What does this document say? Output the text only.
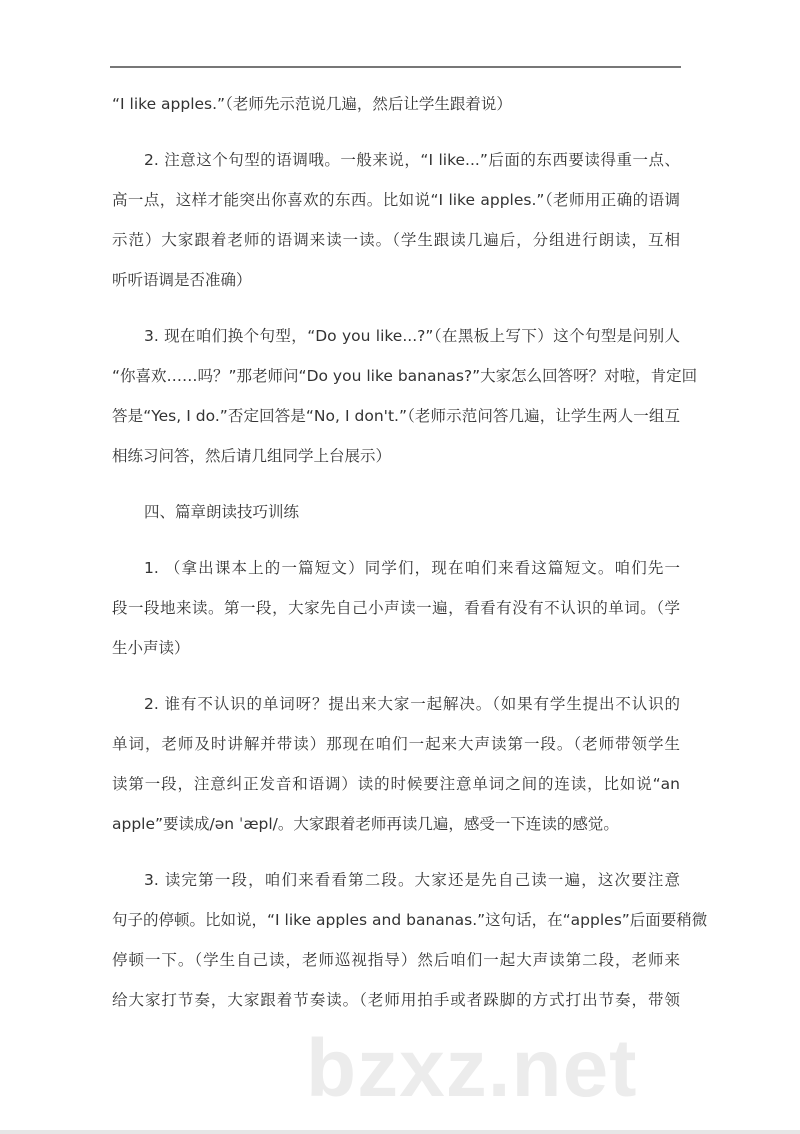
“I like apples.”（老师先示范说几遍，然后让学生跟着说）
2. 注意这个句型的语调哦。一般来说，“I like...”后面的东西要读得重一点、
高一点，这样才能突出你喜欢的东西。比如说“I like apples.”（老师用正确的语调
示范）大家跟着老师的语调来读一读。（学生跟读几遍后，分组进行朗读，互相
听听语调是否准确）
3. 现在咱们换个句型，“Do you like...?”（在黑板上写下）这个句型是问别人
“你喜欢……吗？”那老师问“Do you like bananas?”大家怎么回答呀？对啦，肯定回
答是“Yes, I do.”否定回答是“No, I don't.”（老师示范问答几遍，让学生两人一组互
相练习问答，然后请几组同学上台展示）
四、篇章朗读技巧训练
1. （拿出课本上的一篇短文）同学们，现在咱们来看这篇短文。咱们先一
段一段地来读。第一段，大家先自己小声读一遍，看看有没有不认识的单词。（学
生小声读）
2. 谁有不认识的单词呀？提出来大家一起解决。（如果有学生提出不认识的
单词，老师及时讲解并带读）那现在咱们一起来大声读第一段。（老师带领学生
读第一段，注意纠正发音和语调）读的时候要注意单词之间的连读，比如说“an
apple”要读成/ən ˈæpl/。大家跟着老师再读几遍，感受一下连读的感觉。
3. 读完第一段，咱们来看看第二段。大家还是先自己读一遍，这次要注意
句子的停顿。比如说，“I like apples and bananas.”这句话，在“apples”后面要稍微
停顿一下。（学生自己读，老师巡视指导）然后咱们一起大声读第二段，老师来
给大家打节奏，大家跟着节奏读。（老师用拍手或者跺脚的方式打出节奏，带领
bzxz.net
